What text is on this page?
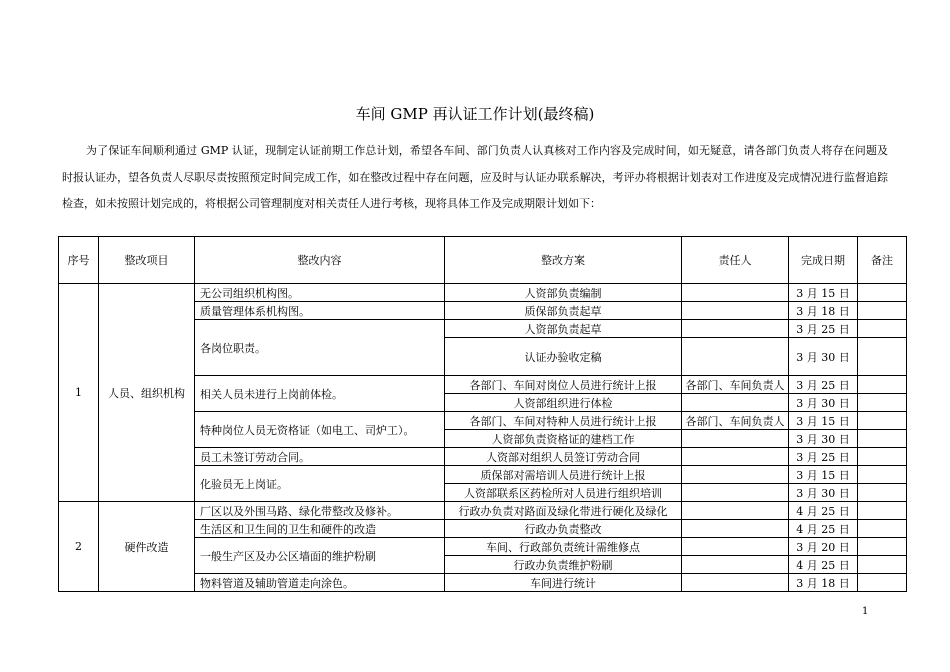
车间 GMP 再认证工作计划(最终稿)

为了保证车间顺利通过 GMP 认证，现制定认证前期工作总计划，希望各车间、部门负责人认真核对工作内容及完成时间，如无疑意，请各部门负责人将存在问题及时报认证办，望各负责人尽职尽责按照预定时间完成工作，如在整改过程中存在问题，应及时与认证办联系解决，考评办将根据计划表对工作进度及完成情况进行监督追踪检查，如未按照计划完成的，将根据公司管理制度对相关责任人进行考核，现将具体工作及完成期限计划如下：

序号	整改项目	整改内容	整改方案	责任人	完成日期	备注
1	人员、组织机构	无公司组织机构图。	人资部负责编制		3 月 15 日	
		质量管理体系机构图。	质保部负责起草		3 月 18 日	
		各岗位职责。	人资部负责起草		3 月 25 日	
			认证办验收定稿		3 月 30 日	
		相关人员未进行上岗前体检。	各部门、车间对岗位人员进行统计上报	各部门、车间负责人	3 月 25 日	
			人资部组织进行体检		3 月 30 日	
		特种岗位人员无资格证（如电工、司炉工）。	各部门、车间对特种人员进行统计上报	各部门、车间负责人	3 月 15 日	
			人资部负责资格证的建档工作		3 月 30 日	
		员工未签订劳动合同。	人资部对组织人员签订劳动合同		3 月 25 日	
		化验员无上岗证。	质保部对需培训人员进行统计上报		3 月 15 日	
			人资部联系区药检所对人员进行组织培训		3 月 30 日	
2	硬件改造	厂区以及外围马路、绿化带整改及修补。	行政办负责对路面及绿化带进行硬化及绿化		4 月 25 日	
		生活区和卫生间的卫生和硬件的改造	行政办负责整改		4 月 25 日	
		一般生产区及办公区墙面的维护粉刷	车间、行政部负责统计需维修点		3 月 20 日	
			行政办负责维护粉刷		4 月 25 日	
		物料管道及辅助管道走向涂色。	车间进行统计		3 月 18 日	
1
